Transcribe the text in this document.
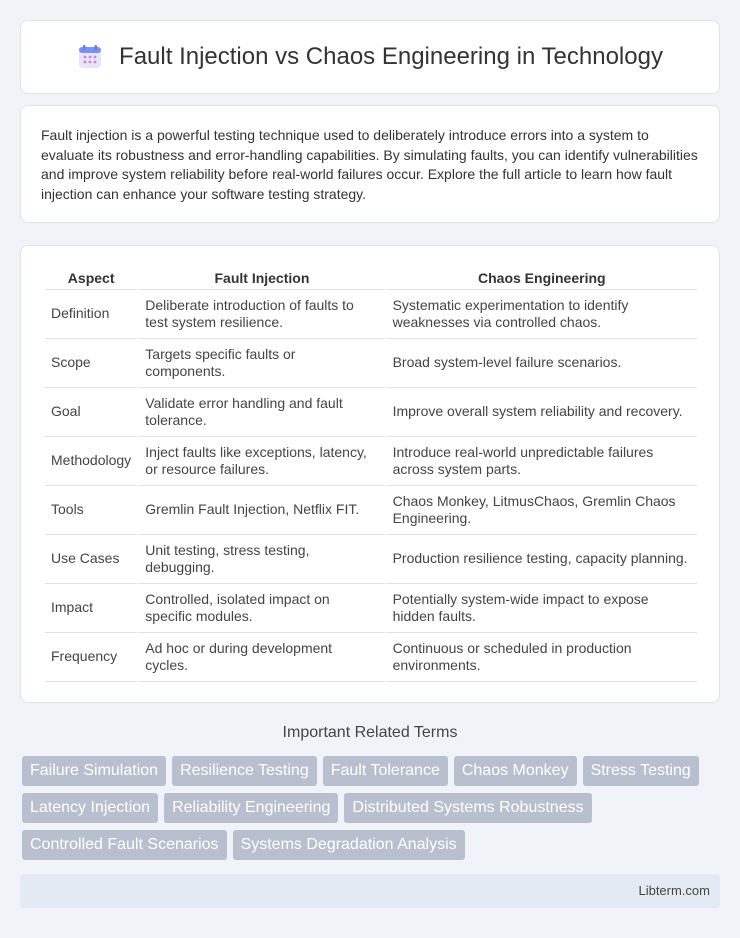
Fault Injection vs Chaos Engineering in Technology

Fault injection is a powerful testing technique used to deliberately introduce errors into a system to evaluate its robustness and error-handling capabilities. By simulating faults, you can identify vulnerabilities and improve system reliability before real-world failures occur. Explore the full article to learn how fault injection can enhance your software testing strategy.

Aspect	Fault Injection	Chaos Engineering
Definition	Deliberate introduction of faults to test system resilience.	Systematic experimentation to identify weaknesses via controlled chaos.
Scope	Targets specific faults or components.	Broad system-level failure scenarios.
Goal	Validate error handling and fault tolerance.	Improve overall system reliability and recovery.
Methodology	Inject faults like exceptions, latency, or resource failures.	Introduce real-world unpredictable failures across system parts.
Tools	Gremlin Fault Injection, Netflix FIT.	Chaos Monkey, LitmusChaos, Gremlin Chaos Engineering.
Use Cases	Unit testing, stress testing, debugging.	Production resilience testing, capacity planning.
Impact	Controlled, isolated impact on specific modules.	Potentially system-wide impact to expose hidden faults.
Frequency	Ad hoc or during development cycles.	Continuous or scheduled in production environments.
Important Related Terms
Failure Simulation	Resilience Testing	Fault Tolerance	Chaos Monkey	Stress Testing
Latency Injection	Reliability Engineering	Distributed Systems Robustness
Controlled Fault Scenarios	Systems Degradation Analysis
Libterm.com
